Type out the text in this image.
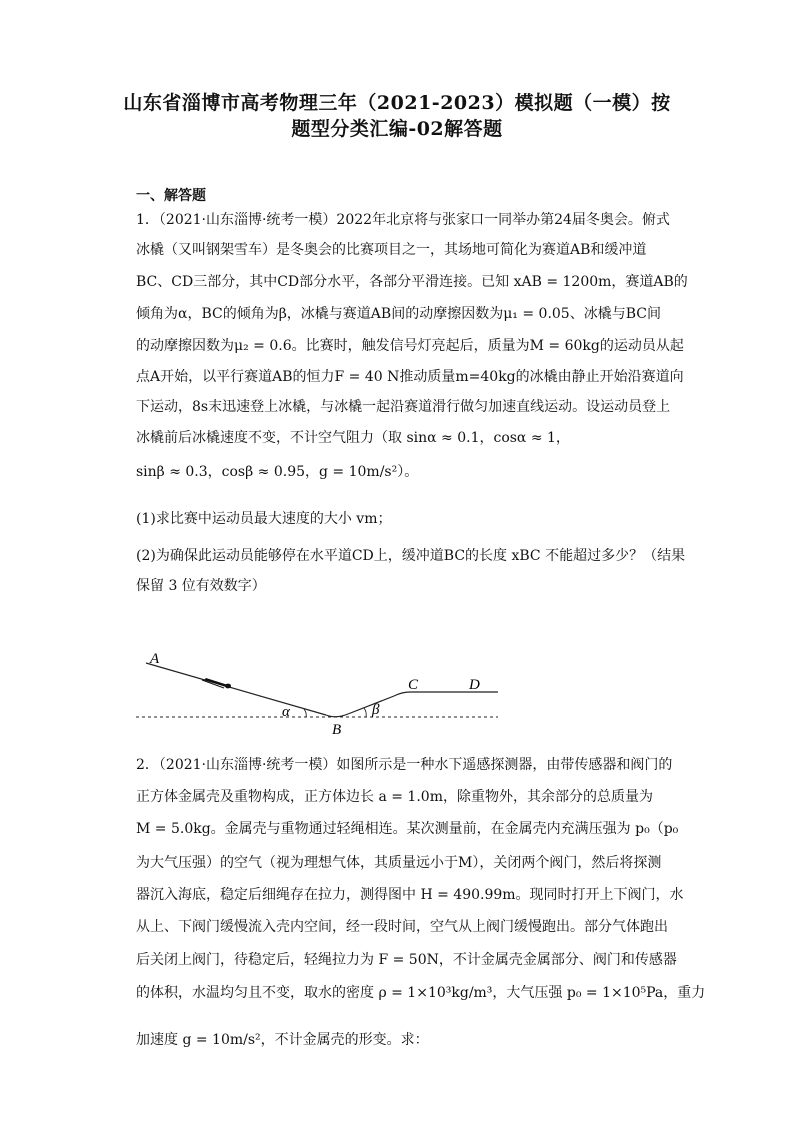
山东省淄博市高考物理三年（2021-2023）模拟题（一模）按
题型分类汇编-02解答题
一、解答题
1．（2021·山东淄博·统考一模）2022年北京将与张家口一同举办第24届冬奥会。俯式
冰橇（又叫钢架雪车）是冬奥会的比赛项目之一，其场地可简化为赛道AB和缓冲道
BC、CD三部分，其中CD部分水平，各部分平滑连接。已知 xAB = 1200m，赛道AB的
倾角为α，BC的倾角为β，冰橇与赛道AB间的动摩擦因数为μ₁ = 0.05、冰橇与BC间
的动摩擦因数为μ₂ = 0.6。比赛时，触发信号灯亮起后，质量为M = 60kg的运动员从起
点A开始，以平行赛道AB的恒力F = 40 N推动质量m=40kg的冰橇由静止开始沿赛道向
下运动，8s末迅速登上冰橇，与冰橇一起沿赛道滑行做匀加速直线运动。设运动员登上
冰橇前后冰橇速度不变，不计空气阻力（取 sinα ≈ 0.1，cosα ≈ 1，
sinβ ≈ 0.3，cosβ ≈ 0.95，g = 10m/s²）。
(1)求比赛中运动员最大速度的大小 vm；
(2)为确保此运动员能够停在水平道CD上，缓冲道BC的长度 xBC 不能超过多少？（结果
保留 3 位有效数字）
A
B
C	D
α	β
2．（2021·山东淄博·统考一模）如图所示是一种水下遥感探测器，由带传感器和阀门的
正方体金属壳及重物构成，正方体边长 a = 1.0m，除重物外，其余部分的总质量为
M = 5.0kg。金属壳与重物通过轻绳相连。某次测量前，在金属壳内充满压强为 p₀（p₀
为大气压强）的空气（视为理想气体，其质量远小于M），关闭两个阀门，然后将探测
器沉入海底，稳定后细绳存在拉力，测得图中 H = 490.99m。现同时打开上下阀门，水
从上、下阀门缓慢流入壳内空间，经一段时间，空气从上阀门缓慢跑出。部分气体跑出
后关闭上阀门，待稳定后，轻绳拉力为 F = 50N，不计金属壳金属部分、阀门和传感器
的体积，水温均匀且不变，取水的密度 ρ = 1×10³kg/m³，大气压强 p₀ = 1×10⁵Pa，重力
加速度 g = 10m/s²，不计金属壳的形变。求：
